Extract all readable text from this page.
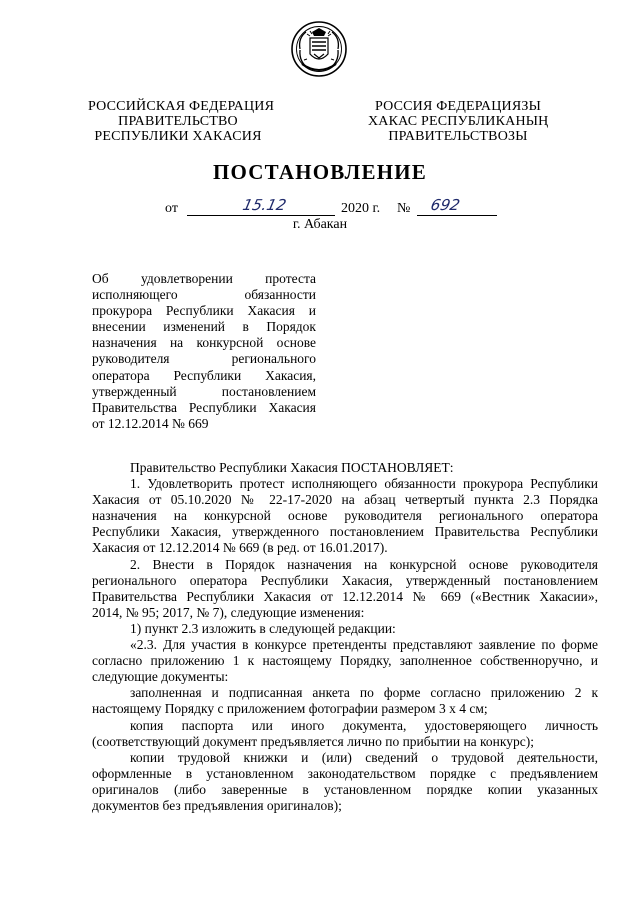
РОССИЙСКАЯ ФЕДЕРАЦИЯ
ПРАВИТЕЛЬСТВО
РЕСПУБЛИКИ ХАКАСИЯ
РОССИЯ ФЕДЕРАЦИЯЗЫ
ХАКАС РЕСПУБЛИКАНЫҢ
ПРАВИТЕЛЬСТВОЗЫ
ПОСТАНОВЛЕНИЕ
от	15.12	2020 г. № 692
г. Абакан
Об удовлетворении протеста
исполняющего обязанности
прокурора Республики Хакасия и
внесении изменений в Порядок
назначения на конкурсной основе
руководителя регионального
оператора Республики Хакасия,
утвержденный постановлением
Правительства Республики Хакасия
от 12.12.2014 № 669
Правительство Республики Хакасия ПОСТАНОВЛЯЕТ:
1. Удовлетворить протест исполняющего обязанности прокурора Республики
Хакасия от 05.10.2020 № 22-17-2020 на абзац четвертый пункта 2.3 Порядка
назначения на конкурсной основе руководителя регионального оператора
Республики Хакасия, утвержденного постановлением Правительства Республики
Хакасия от 12.12.2014 № 669 (в ред. от 16.01.2017).
2. Внести в Порядок назначения на конкурсной основе руководителя
регионального оператора Республики Хакасия, утвержденный постановлением
Правительства Республики Хакасия от 12.12.2014 № 669 («Вестник Хакасии»,
2014, № 95; 2017, № 7), следующие изменения:
1) пункт 2.3 изложить в следующей редакции:
«2.3. Для участия в конкурсе претенденты представляют заявление по форме
согласно приложению 1 к настоящему Порядку, заполненное собственноручно, и
следующие документы:
заполненная и подписанная анкета по форме согласно приложению 2 к
настоящему Порядку с приложением фотографии размером 3 х 4 см;
копия паспорта или иного документа, удостоверяющего личность
(соответствующий документ предъявляется лично по прибытии на конкурс);
копии трудовой книжки и (или) сведений о трудовой деятельности,
оформленные в установленном законодательством порядке с предъявлением
оригиналов (либо заверенные в установленном порядке копии указанных
документов без предъявления оригиналов);
